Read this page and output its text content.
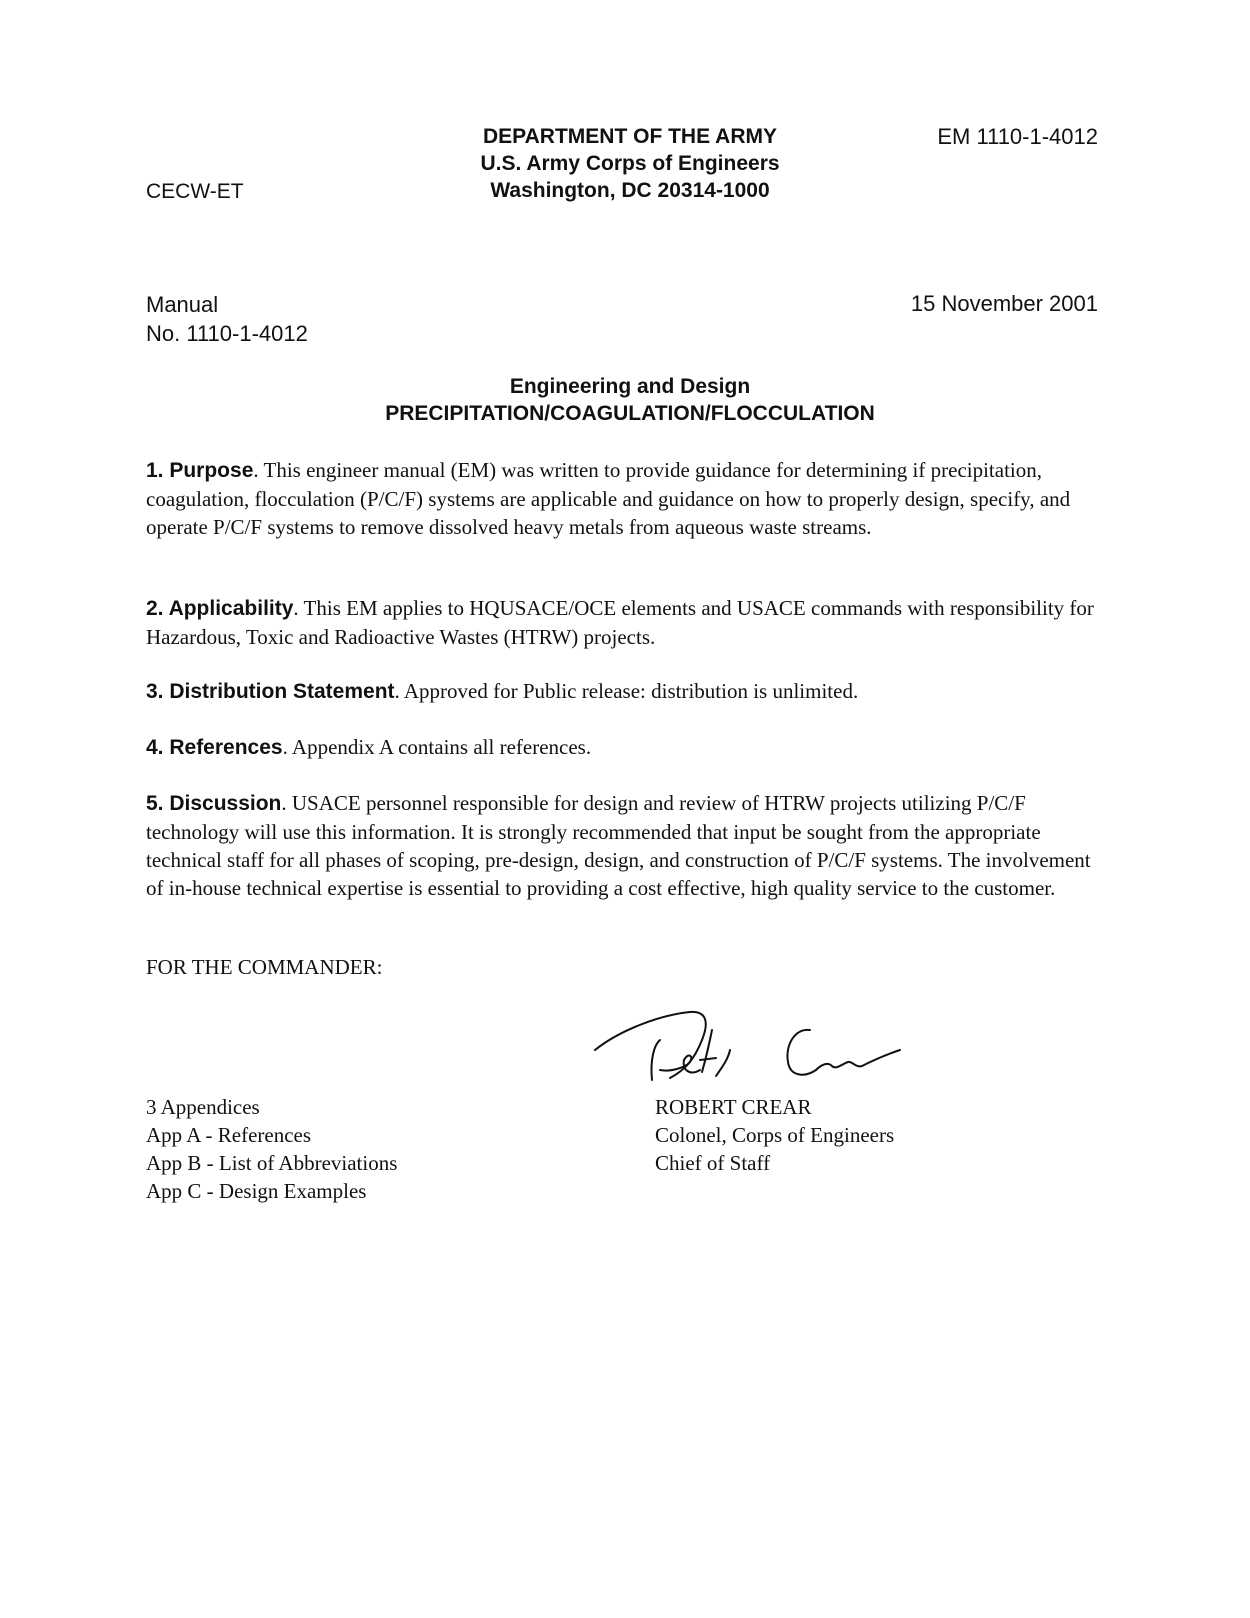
CECW-ET
DEPARTMENT OF THE ARMY
U.S. Army Corps of Engineers
Washington, DC 20314-1000
EM 1110-1-4012
Manual
No. 1110-1-4012
15 November 2001
Engineering and Design
PRECIPITATION/COAGULATION/FLOCCULATION

1. Purpose. This engineer manual (EM) was written to provide guidance for determining if precipitation, coagulation, flocculation (P/C/F) systems are applicable and guidance on how to properly design, specify, and operate P/C/F systems to remove dissolved heavy metals from aqueous waste streams.

2. Applicability. This EM applies to HQUSACE/OCE elements and USACE commands with responsibility for Hazardous, Toxic and Radioactive Wastes (HTRW) projects.

3. Distribution Statement. Approved for Public release: distribution is unlimited.

4. References. Appendix A contains all references.

5. Discussion. USACE personnel responsible for design and review of HTRW projects utilizing P/C/F technology will use this information. It is strongly recommended that input be sought from the appropriate technical staff for all phases of scoping, pre-design, design, and construction of P/C/F systems. The involvement of in-house technical expertise is essential to providing a cost effective, high quality service to the customer.

FOR THE COMMANDER:
3 Appendices
App A - References
App B - List of Abbreviations
App C - Design Examples
ROBERT CREAR
Colonel, Corps of Engineers
Chief of Staff
